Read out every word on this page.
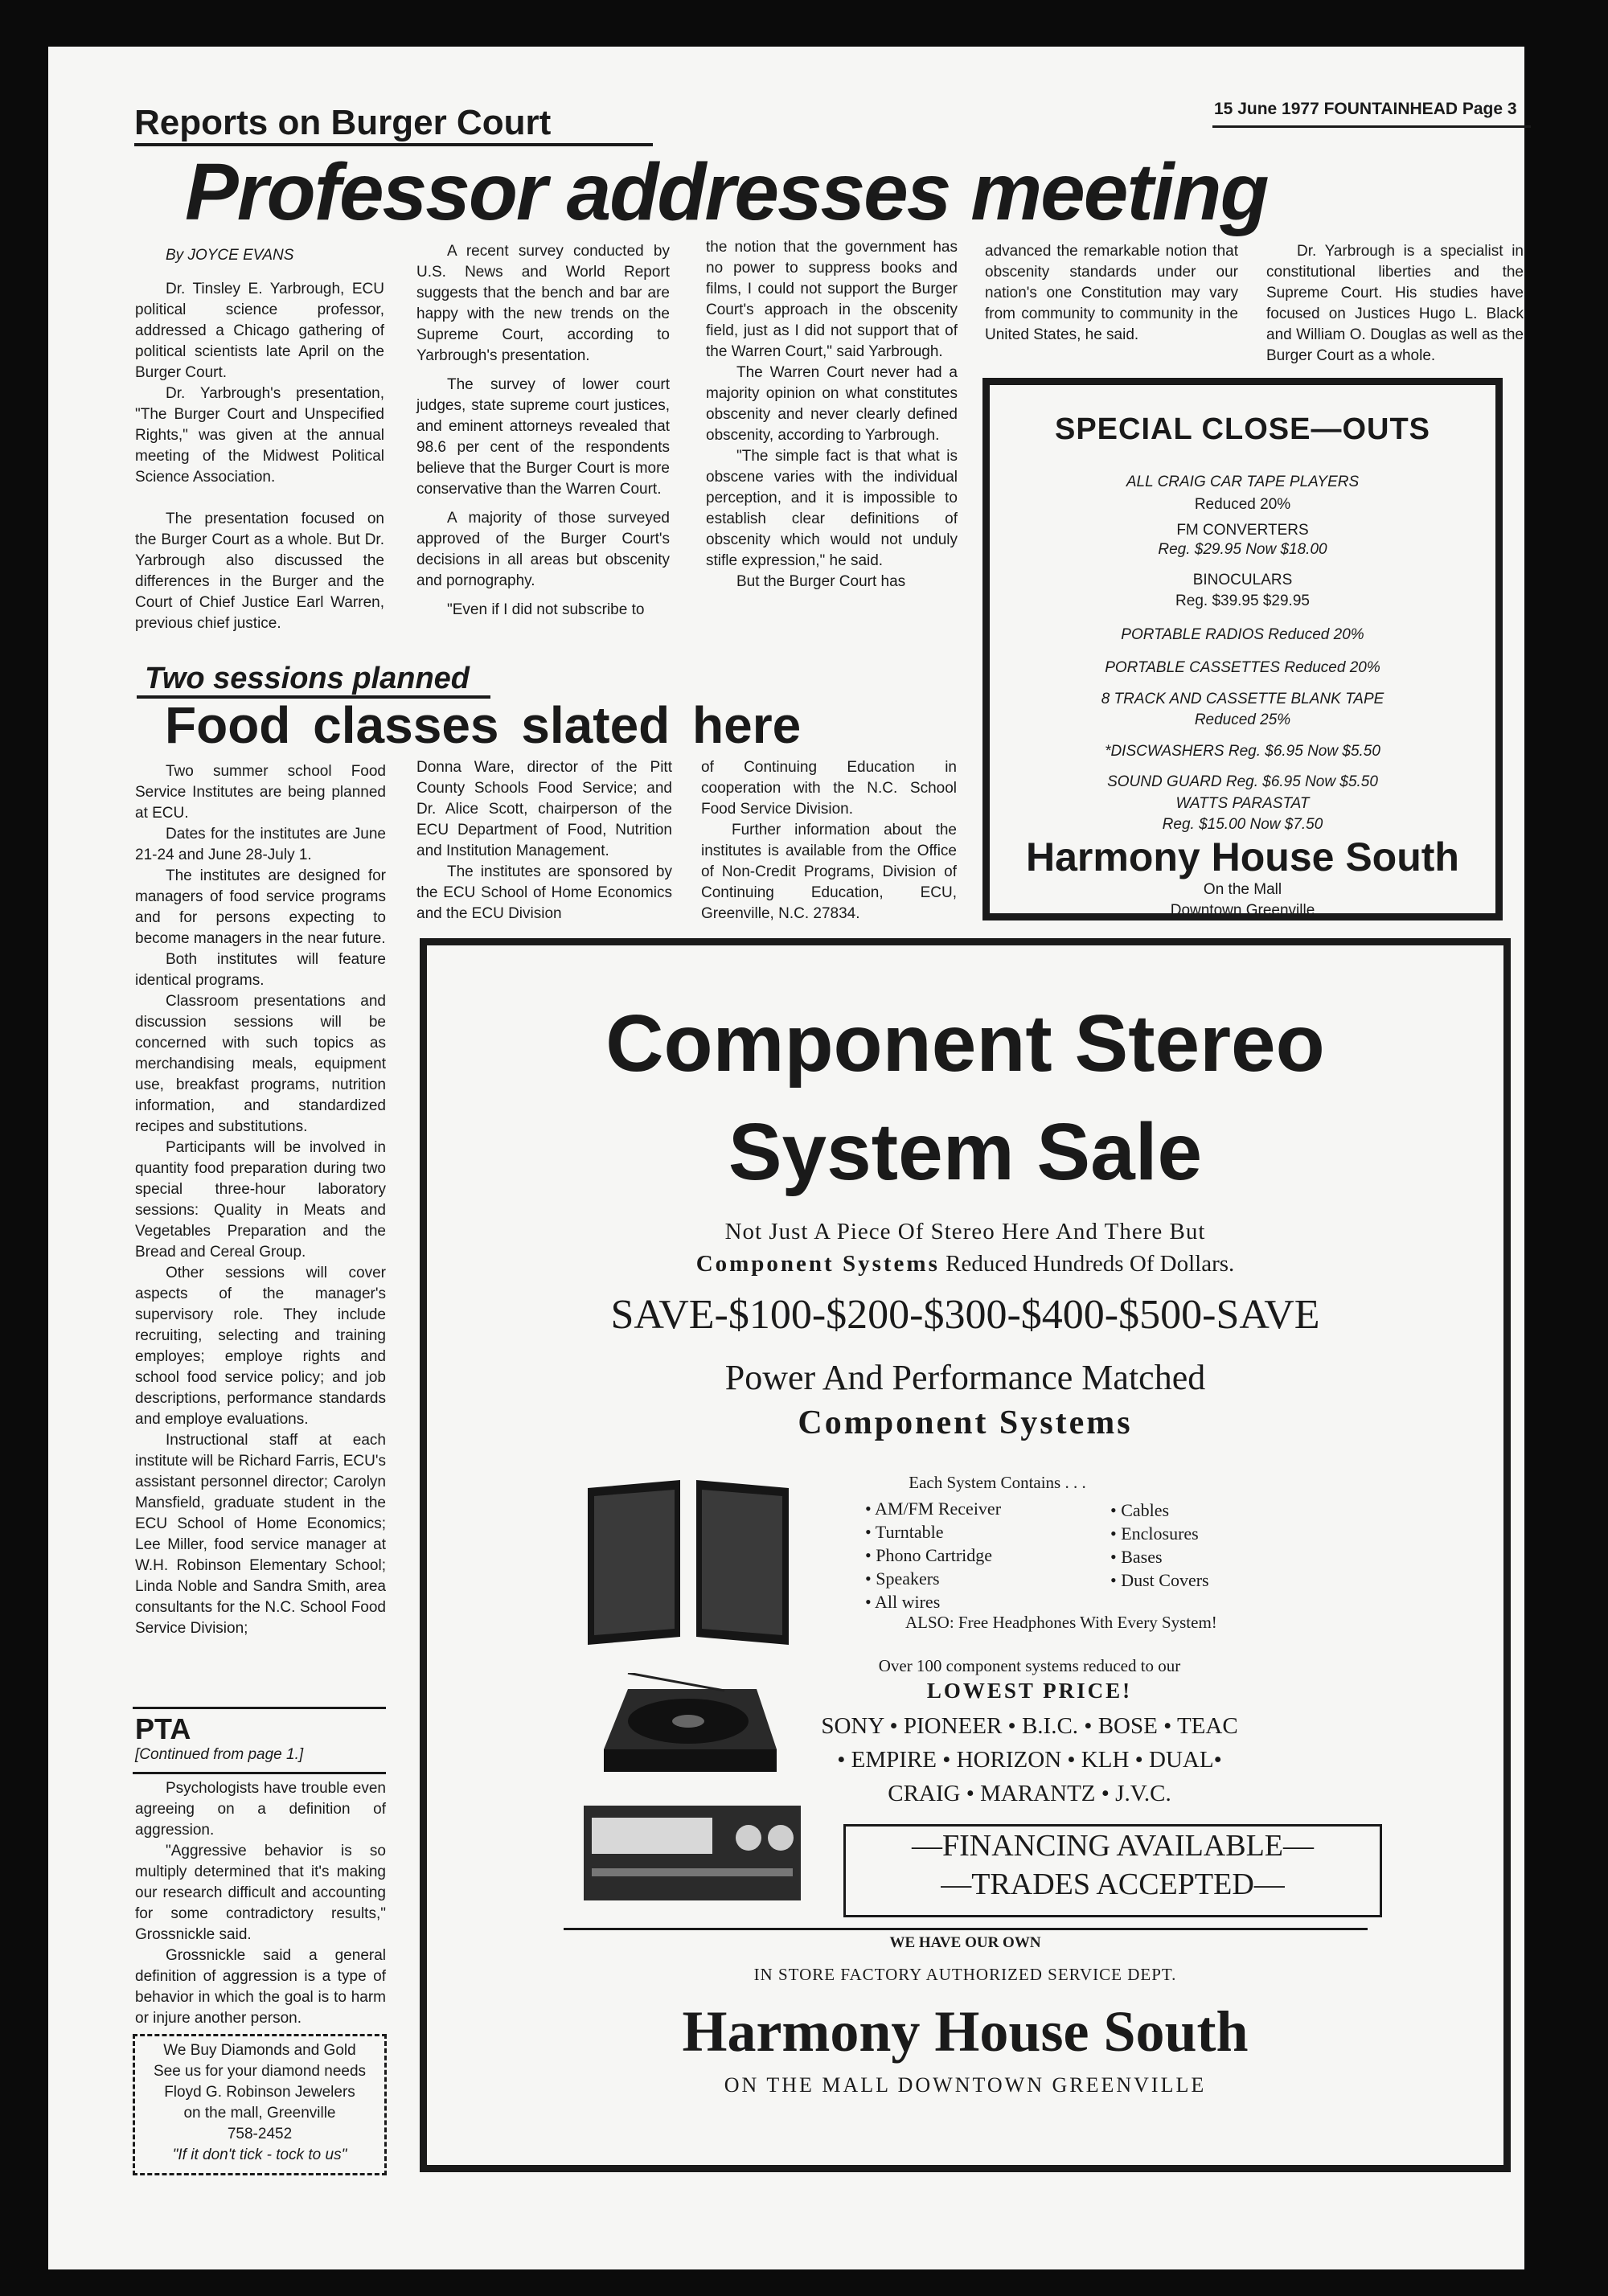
Reports on Burger Court	15 June 1977 FOUNTAINHEAD Page 3
Professor addresses meeting

By JOYCE EVANS

Dr. Tinsley E. Yarbrough, ECU political science professor, addressed a Chicago gathering of political scientists late April on the Burger Court.

Dr. Yarbrough's presentation, "The Burger Court and Unspecified Rights," was given at the annual meeting of the Midwest Political Science Association.

The presentation focused on the Burger Court as a whole. But Dr. Yarbrough also discussed the differences in the Burger and the Court of Chief Justice Earl Warren, previous chief justice.

A recent survey conducted by U.S. News and World Report suggests that the bench and bar are happy with the new trends on the Supreme Court, according to Yarbrough's presentation.

The survey of lower court judges, state supreme court justices, and eminent attorneys revealed that 98.6 per cent of the respondents believe that the Burger Court is more conservative than the Warren Court.

A majority of those surveyed approved of the Burger Court's decisions in all areas but obscenity and pornography.

"Even if I did not subscribe to

the notion that the government has no power to suppress books and films, I could not support the Burger Court's approach in the obscenity field, just as I did not support that of the Warren Court," said Yarbrough.

The Warren Court never had a majority opinion on what constitutes obscenity and never clearly defined obscenity, according to Yarbrough.

"The simple fact is that what is obscene varies with the individual perception, and it is impossible to establish clear definitions of obscenity which would not unduly stifle expression," he said.

But the Burger Court has

advanced the remarkable notion that obscenity standards under our nation's one Constitution may vary from community to community in the United States, he said.

Dr. Yarbrough is a specialist in constitutional liberties and the Supreme Court. His studies have focused on Justices Hugo L. Black and William O. Douglas as well as the Burger Court as a whole.

Two sessions planned
Food classes slated here

Two summer school Food Service Institutes are being planned at ECU.

Dates for the institutes are June 21-24 and June 28-July 1.

The institutes are designed for managers of food service programs and for persons expecting to become managers in the near future.

Both institutes will feature identical programs.

Classroom presentations and discussion sessions will be concerned with such topics as merchandising meals, equipment use, breakfast programs, nutrition information, and standardized recipes and substitutions.

Participants will be involved in quantity food preparation during two special three-hour laboratory sessions: Quality in Meats and Vegetables Preparation and the Bread and Cereal Group.

Other sessions will cover aspects of the manager's supervisory role. They include recruiting, selecting and training employes; employe rights and school food service policy; and job descriptions, performance standards and employe evaluations.

Instructional staff at each institute will be Richard Farris, ECU's assistant personnel director; Carolyn Mansfield, graduate student in the ECU School of Home Economics; Lee Miller, food service manager at W.H. Robinson Elementary School; Linda Noble and Sandra Smith, area consultants for the N.C. School Food Service Division;

Donna Ware, director of the Pitt County Schools Food Service; and Dr. Alice Scott, chairperson of the ECU Department of Food, Nutrition and Institution Management.

The institutes are sponsored by the ECU School of Home Economics and the ECU Division

of Continuing Education in cooperation with the N.C. School Food Service Division.

Further information about the institutes is available from the Office of Non-Credit Programs, Division of Continuing Education, ECU, Greenville, N.C. 27834.

PTA
[Continued from page 1.]

Psychologists have trouble even agreeing on a definition of aggression.

"Aggressive behavior is so multiply determined that it's making our research difficult and accounting for some contradictory results," Grossnickle said.

Grossnickle said a general definition of aggression is a type of behavior in which the goal is to harm or injure another person.

We Buy Diamonds and Gold
See us for your diamond needs
Floyd G. Robinson Jewelers
on the mall, Greenville
758-2452
"If it don't tick - tock to us"
SPECIAL CLOSE—OUTS
ALL CRAIG CAR TAPE PLAYERS
Reduced 20%
FM CONVERTERS
Reg. $29.95 Now $18.00
BINOCULARS
Reg. $39.95 $29.95
PORTABLE RADIOS Reduced 20%
PORTABLE CASSETTES Reduced 20%
8 TRACK AND CASSETTE BLANK TAPE
Reduced 25%
*DISCWASHERS Reg. $6.95 Now $5.50
SOUND GUARD Reg. $6.95 Now $5.50
WATTS PARASTAT
Reg. $15.00 Now $7.50
Harmony House South
On the Mall
Downtown Greenville
Component Stereo
System Sale
Not Just A Piece Of Stereo Here And There But
Component Systems Reduced Hundreds Of Dollars.
SAVE-$100-$200-$300-$400-$500-SAVE
Power And Performance Matched
Component Systems
Each System Contains . . .
• AM/FM Receiver
• Turntable
• Phono Cartridge
• Speakers
• All wires
• Cables
• Enclosures
• Bases
• Dust Covers
ALSO: Free Headphones With Every System!
Over 100 component systems reduced to our
LOWEST PRICE!
SONY • PIONEER • B.I.C. • BOSE • TEAC
• EMPIRE • HORIZON • KLH • DUAL•
CRAIG • MARANTZ • J.V.C.
—FINANCING AVAILABLE—
—TRADES ACCEPTED—
WE HAVE OUR OWN
IN STORE FACTORY AUTHORIZED SERVICE DEPT.
Harmony House South
ON THE MALL DOWNTOWN GREENVILLE
